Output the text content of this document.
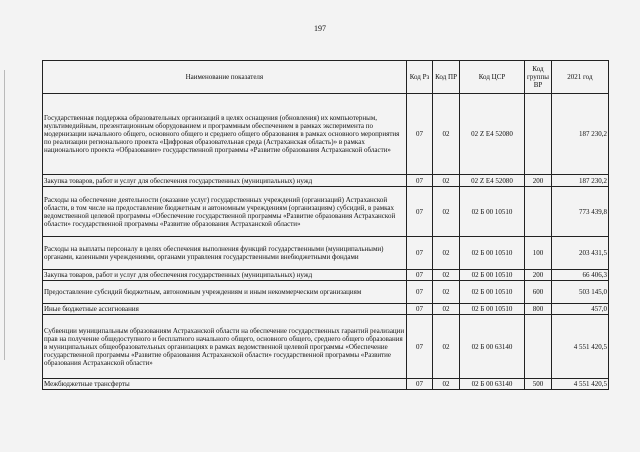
197
Наименование показателя	Код Рз	Код ПР	Код ЦСР	Код группы ВР	2021 год
Государственная поддержка образовательных организаций в целях оснащения (обновления) их компьютерным, мультимедийным, презентационным оборудованием и программным обеспечением в рамках эксперимента по модернизации начального общего, основного общего и среднего общего образования в рамках основного мероприятия по реализации регионального проекта «Цифровая образовательная среда (Астраханская область)» в рамках национального проекта «Образование» государственной программы «Развитие образования Астраханской области»	07	02	02 Z E4 52080		187 230,2
Закупка товаров, работ и услуг для обеспечения государственных (муниципальных) нужд	07	02	02 Z E4 52080	200	187 230,2
Расходы на обеспечение деятельности (оказание услуг) государственных учреждений (организаций) Астраханской области, в том числе на предоставление бюджетным и автономным учреждениям (организациям) субсидий, в рамках ведомственной целевой программы «Обеспечение государственной программы «Развитие образования Астраханской области» государственной программы «Развитие образования Астраханской области»	07	02	02 Б 00 10510		773 439,8
Расходы на выплаты персоналу в целях обеспечения выполнения функций государственными (муниципальными) органами, казенными учреждениями, органами управления государственными внебюджетными фондами	07	02	02 Б 00 10510	100	203 431,5
Закупка товаров, работ и услуг для обеспечения государственных (муниципальных) нужд	07	02	02 Б 00 10510	200	66 406,3
Предоставление субсидий бюджетным, автономным учреждениям и иным некоммерческим организациям	07	02	02 Б 00 10510	600	503 145,0
Иные бюджетные ассигнования	07	02	02 Б 00 10510	800	457,0
Субвенции муниципальным образованиям Астраханской области на обеспечение государственных гарантий реализации прав на получение общедоступного и бесплатного начального общего, основного общего, среднего общего образования в муниципальных общеобразовательных организациях в рамках ведомственной целевой программы «Обеспечение государственной программы «Развитие образования Астраханской области» государственной программы «Развитие образования Астраханской области»	07	02	02 Б 00 63140		4 551 420,5
Межбюджетные трансферты	07	02	02 Б 00 63140	500	4 551 420,5
